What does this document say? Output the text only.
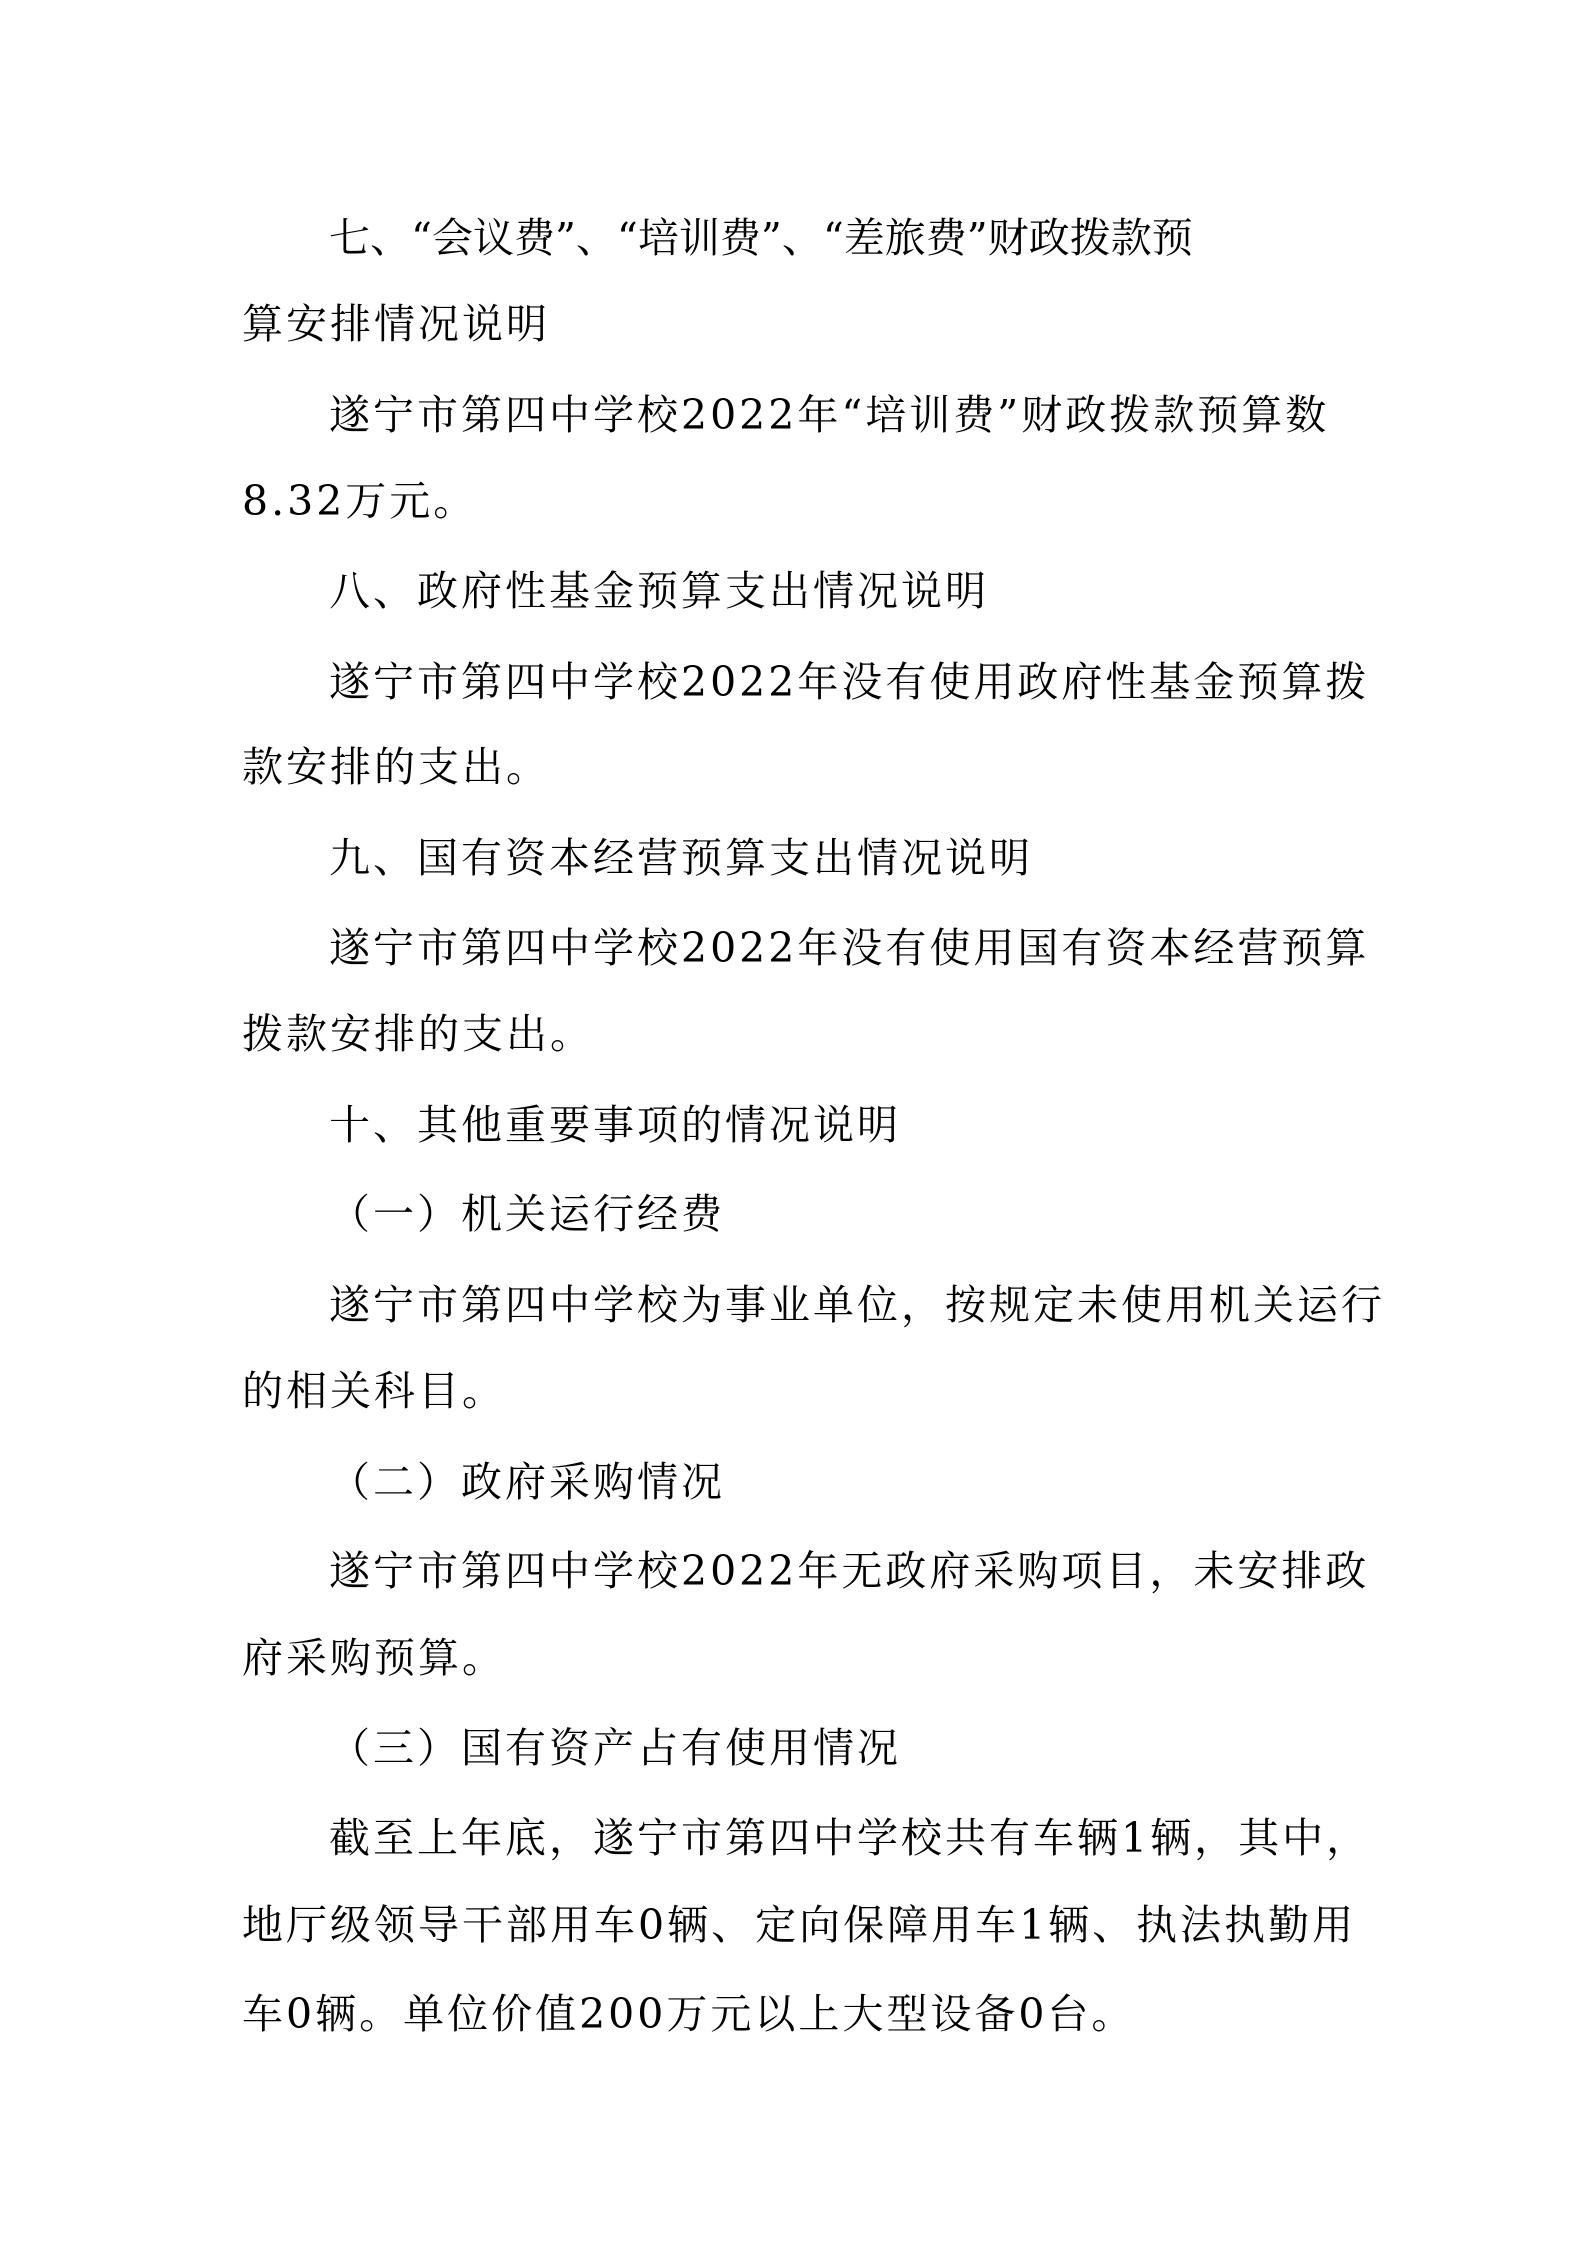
七、“会议费”、“培训费”、“差旅费”财政拨款预
算安排情况说明
遂宁市第四中学校2022年“培训费”财政拨款预算数
8.32万元。
八、政府性基金预算支出情况说明
遂宁市第四中学校2022年没有使用政府性基金预算拨
款安排的支出。
九、国有资本经营预算支出情况说明
遂宁市第四中学校2022年没有使用国有资本经营预算
拨款安排的支出。
十、其他重要事项的情况说明
（一）机关运行经费
遂宁市第四中学校为事业单位，按规定未使用机关运行
的相关科目。
（二）政府采购情况
遂宁市第四中学校2022年无政府采购项目，未安排政
府采购预算。
（三）国有资产占有使用情况
截至上年底，遂宁市第四中学校共有车辆1辆，其中，
地厅级领导干部用车0辆、定向保障用车1辆、执法执勤用
车0辆。单位价值200万元以上大型设备0台。
